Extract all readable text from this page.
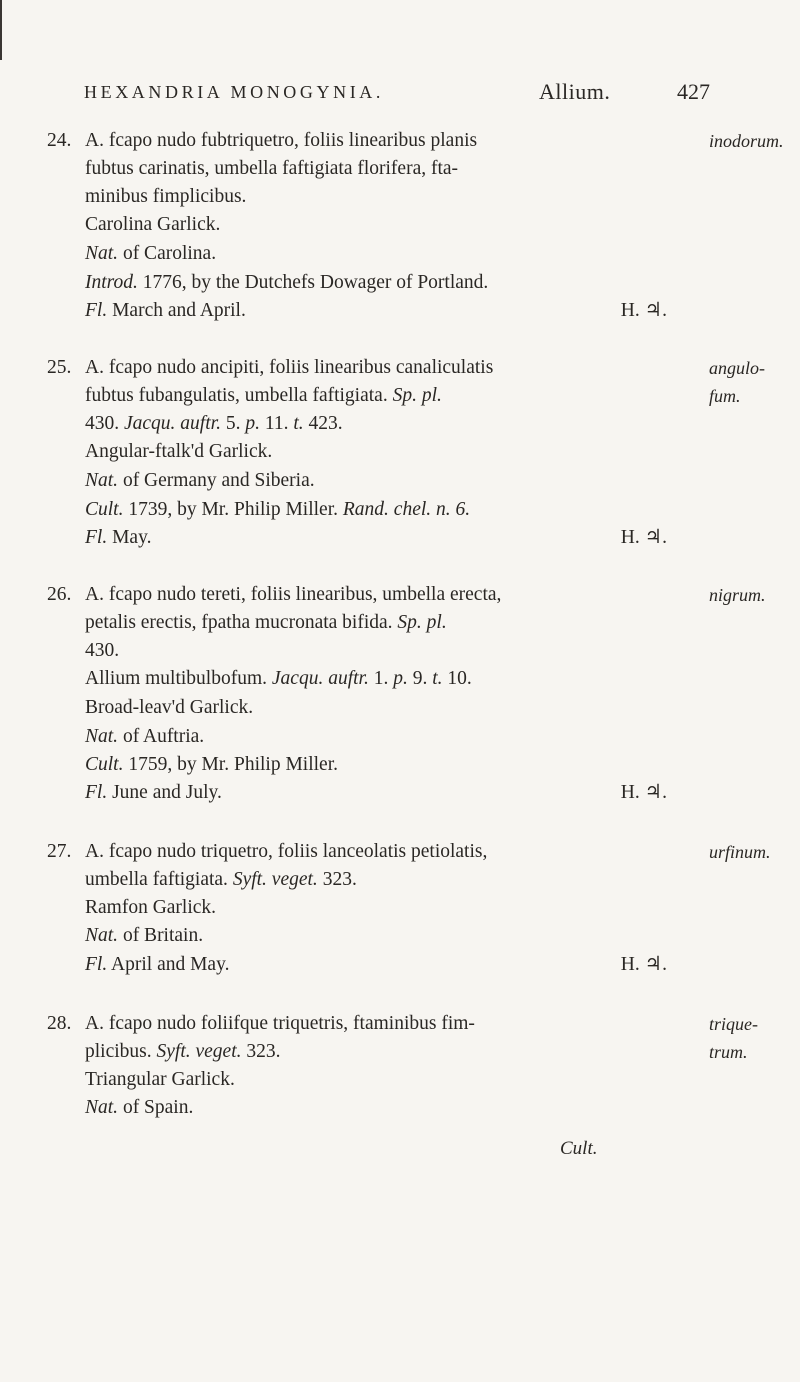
HEXANDRIA MONOGYNIA.	Allium.	427
24. A. fcapo nudo fubtriquetro, foliis linearibus planis
fubtus carinatis, umbella faftigiata florifera, fta-
minibus fimplicibus.
Carolina Garlick.
Nat. of Carolina.
Introd. 1776, by the Dutchefs Dowager of Portland.
Fl. March and April.	H. ♃.
inodorum.
25. A. fcapo nudo ancipiti, foliis linearibus canaliculatis
fubtus fubangulatis, umbella faftigiata. Sp. pl.
430. Jacqu. auftr. 5. p. 11. t. 423.
Angular-ftalk'd Garlick.
Nat. of Germany and Siberia.
Cult. 1739, by Mr. Philip Miller. Rand. chel. n. 6.
Fl. May.	H. ♃.
angulo-
fum.
26. A. fcapo nudo tereti, foliis linearibus, umbella erecta,
petalis erectis, fpatha mucronata bifida. Sp. pl.
430.
Allium multibulbofum. Jacqu. auftr. 1. p. 9. t. 10.
Broad-leav'd Garlick.
Nat. of Auftria.
Cult. 1759, by Mr. Philip Miller.
Fl. June and July.	H. ♃.
nigrum.
27. A. fcapo nudo triquetro, foliis lanceolatis petiolatis,
umbella faftigiata. Syft. veget. 323.
Ramfon Garlick.
Nat. of Britain.
Fl. April and May.	H. ♃.
urfinum.
28. A. fcapo nudo foliifque triquetris, ftaminibus fim-
plicibus. Syft. veget. 323.
Triangular Garlick.
Nat. of Spain.
trique-
trum.
Cult.
